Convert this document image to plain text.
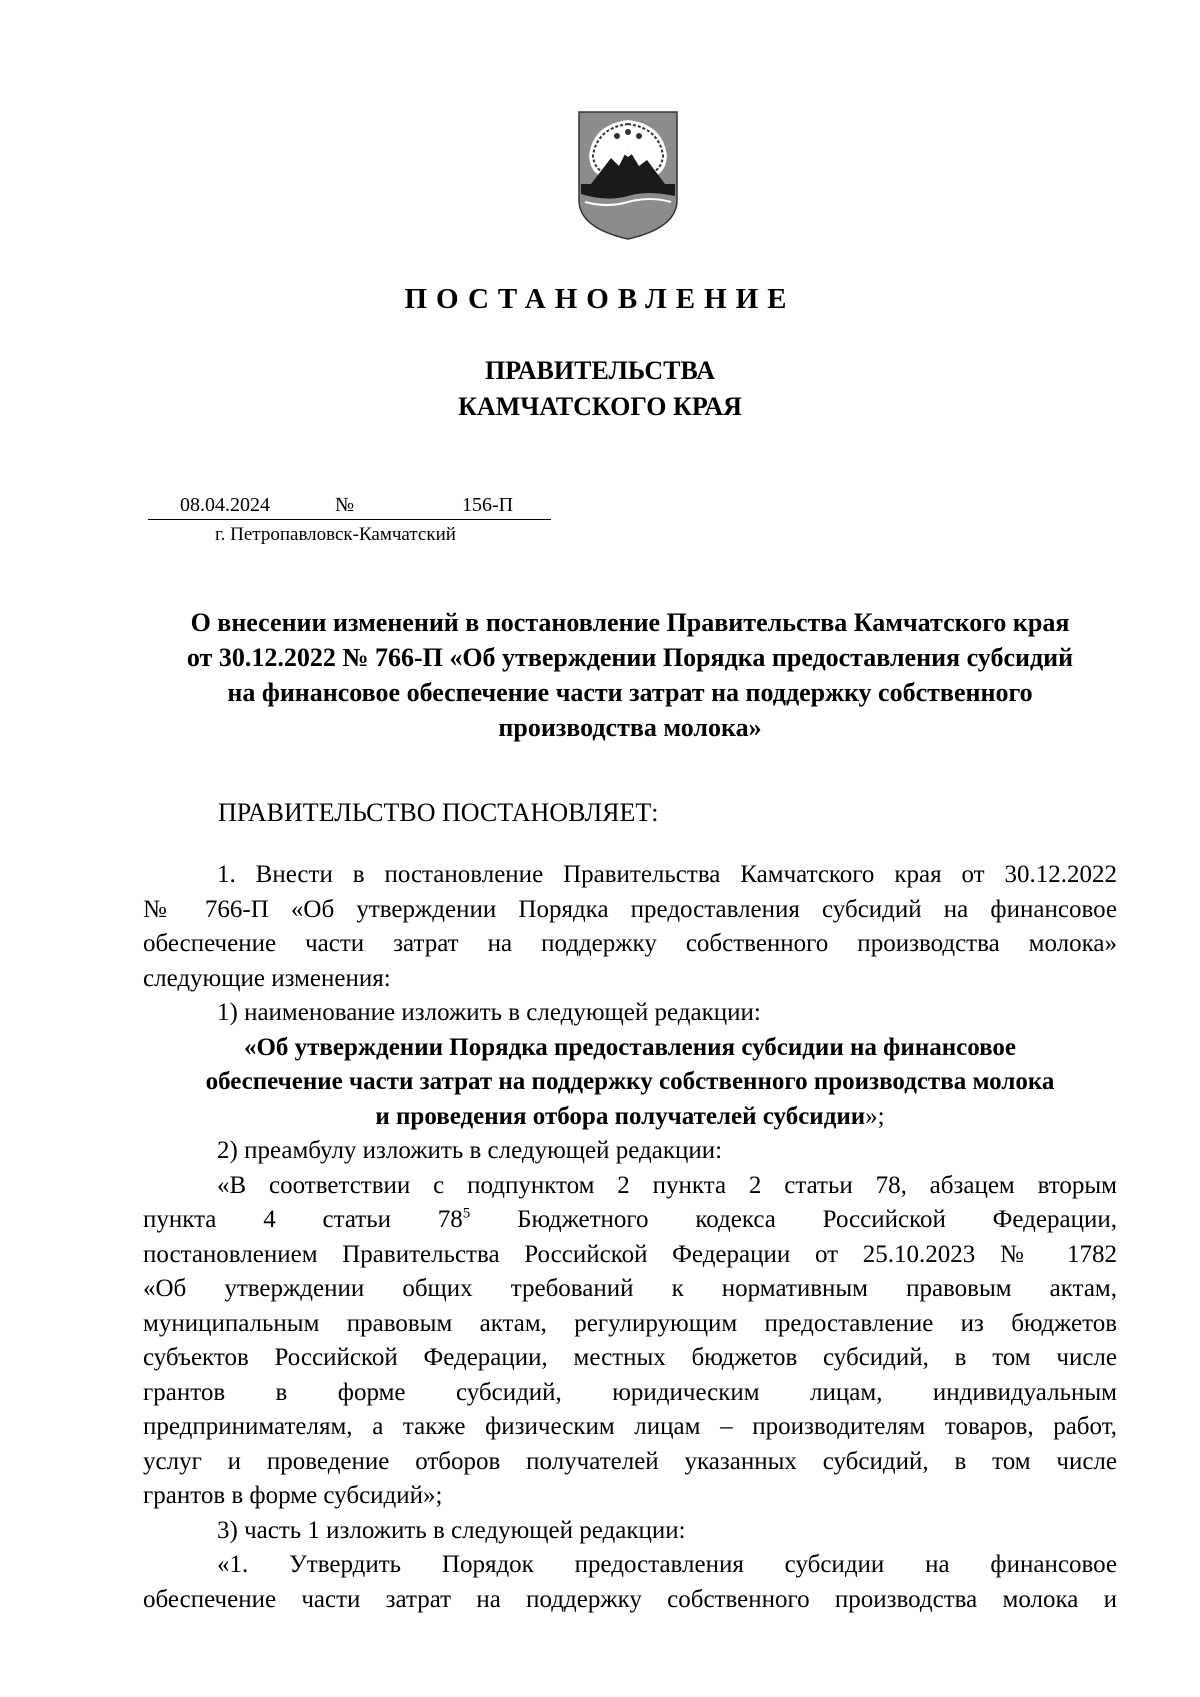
ПОСТАНОВЛЕНИЕ
ПРАВИТЕЛЬСТВА
КАМЧАТСКОГО КРАЯ
08.04.2024	№	156-П
г. Петропавловск-Камчатский
О внесении изменений в постановление Правительства Камчатского края
от 30.12.2022 № 766-П «Об утверждении Порядка предоставления субсидий
на финансовое обеспечение части затрат на поддержку собственного
производства молока»
ПРАВИТЕЛЬСТВО ПОСТАНОВЛЯЕТ:

1. Внести в постановление Правительства Камчатского края от 30.12.2022

№ 766-П «Об утверждении Порядка предоставления субсидий на финансовое

обеспечение части затрат на поддержку собственного производства молока»

следующие изменения:

1) наименование изложить в следующей редакции:

«Об утверждении Порядка предоставления субсидии на финансовое

обеспечение части затрат на поддержку собственного производства молока

и проведения отбора получателей субсидии»;

2) преамбулу изложить в следующей редакции:

«В соответствии с подпунктом 2 пункта 2 статьи 78, абзацем вторым

пункта 4 статьи $78^5$ Бюджетного кодекса Российской Федерации,

постановлением Правительства Российской Федерации от 25.10.2023 № 1782

«Об утверждении общих требований к нормативным правовым актам,

муниципальным правовым актам, регулирующим предоставление из бюджетов

субъектов Российской Федерации, местных бюджетов субсидий, в том числе

грантов в форме субсидий, юридическим лицам, индивидуальным

предпринимателям, а также физическим лицам – производителям товаров, работ,

услуг и проведение отборов получателей указанных субсидий, в том числе

грантов в форме субсидий»;

3) часть 1 изложить в следующей редакции:

«1. Утвердить Порядок предоставления субсидии на финансовое

обеспечение части затрат на поддержку собственного производства молока и
